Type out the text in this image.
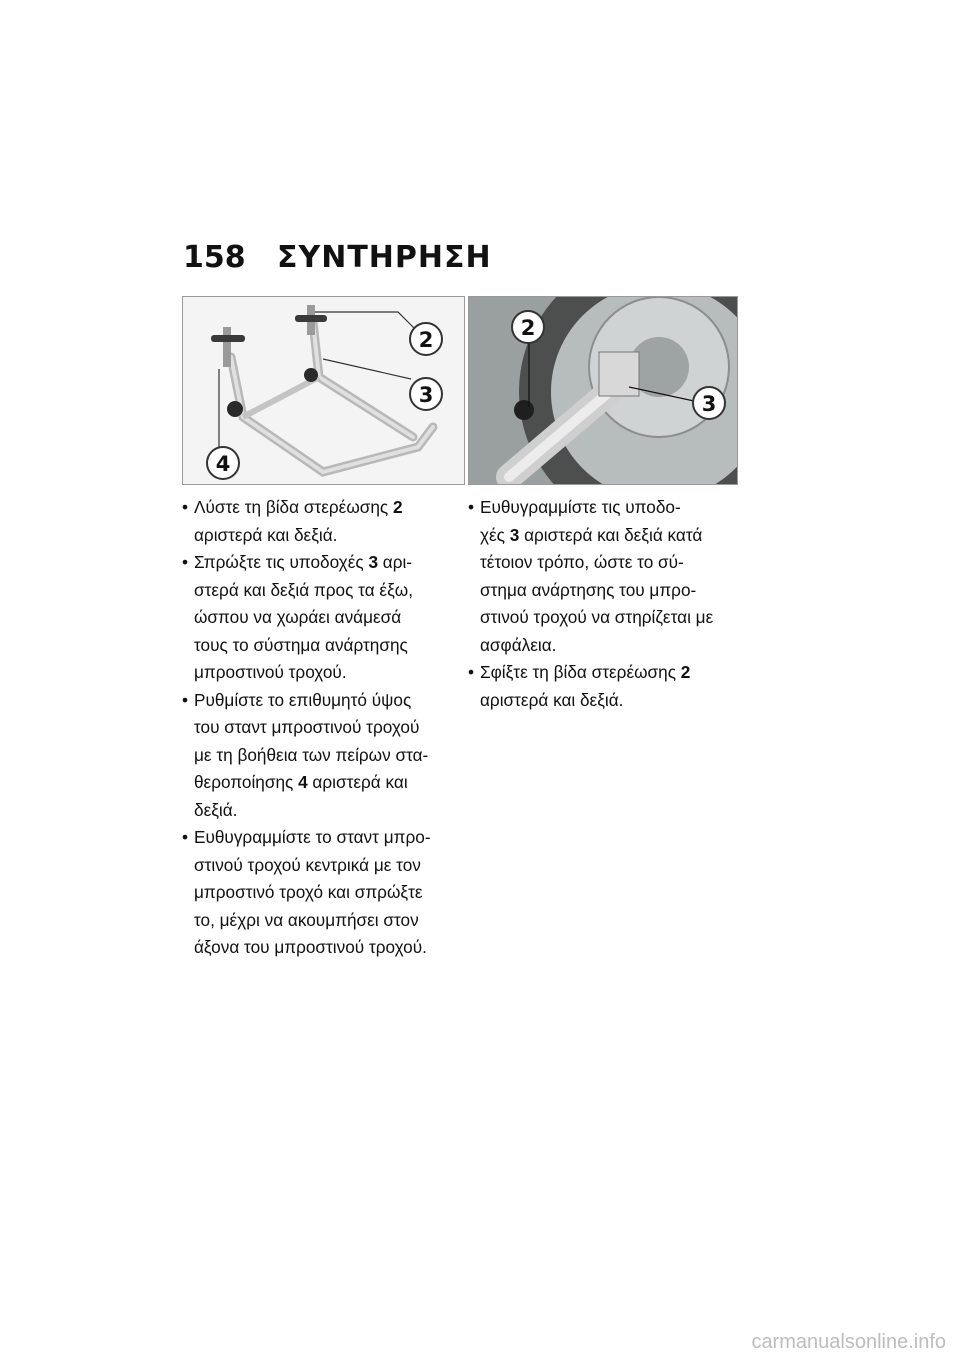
158 ΣΥΝΤΗΡΗΣΗ
2
3
4
2
3
• Λύστε τη βίδα στερέωσης 2
αριστερά και δεξιά.
• Σπρώξτε τις υποδοχές 3 αρι-
στερά και δεξιά προς τα έξω,
ώσπου να χωράει ανάμεσά
τους το σύστημα ανάρτησης
μπροστινού τροχού.
• Ρυθμίστε το επιθυμητό ύψος
του σταντ μπροστινού τροχού
με τη βοήθεια των πείρων στα-
θεροποίησης 4 αριστερά και
δεξιά.
• Ευθυγραμμίστε το σταντ μπρο-
στινού τροχού κεντρικά με τον
μπροστινό τροχό και σπρώξτε
το, μέχρι να ακουμπήσει στον
άξονα του μπροστινού τροχού.
• Ευθυγραμμίστε τις υποδο-
χές 3 αριστερά και δεξιά κατά
τέτοιον τρόπο, ώστε το σύ-
στημα ανάρτησης του μπρο-
στινού τροχού να στηρίζεται με
ασφάλεια.
• Σφίξτε τη βίδα στερέωσης 2
αριστερά και δεξιά.
carmanualsonline.info
